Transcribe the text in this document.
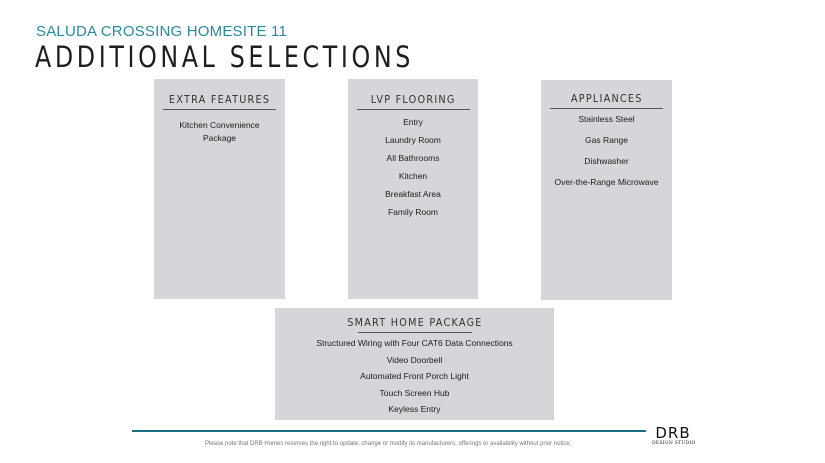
SALUDA CROSSING HOMESITE 11
ADDITIONAL SELECTIONS
EXTRA FEATURES
Kitchen Convenience Package
LVP FLOORING
Entry
Laundry Room
All Bathrooms
Kitchen
Breakfast Area
Family Room
APPLIANCES
Stainless Steel
Gas Range
Dishwasher
Over-the-Range Microwave
SMART HOME PACKAGE
Structured Wiring with Four CAT6 Data Connections
Video Doorbell
Automated Front Porch Light
Touch Screen Hub
Keyless Entry
DRB
DESIGN STUDIO
Please note that DRB Homes reserves the right to update, change or modify its manufacturers, offerings or availability without prior notice.
